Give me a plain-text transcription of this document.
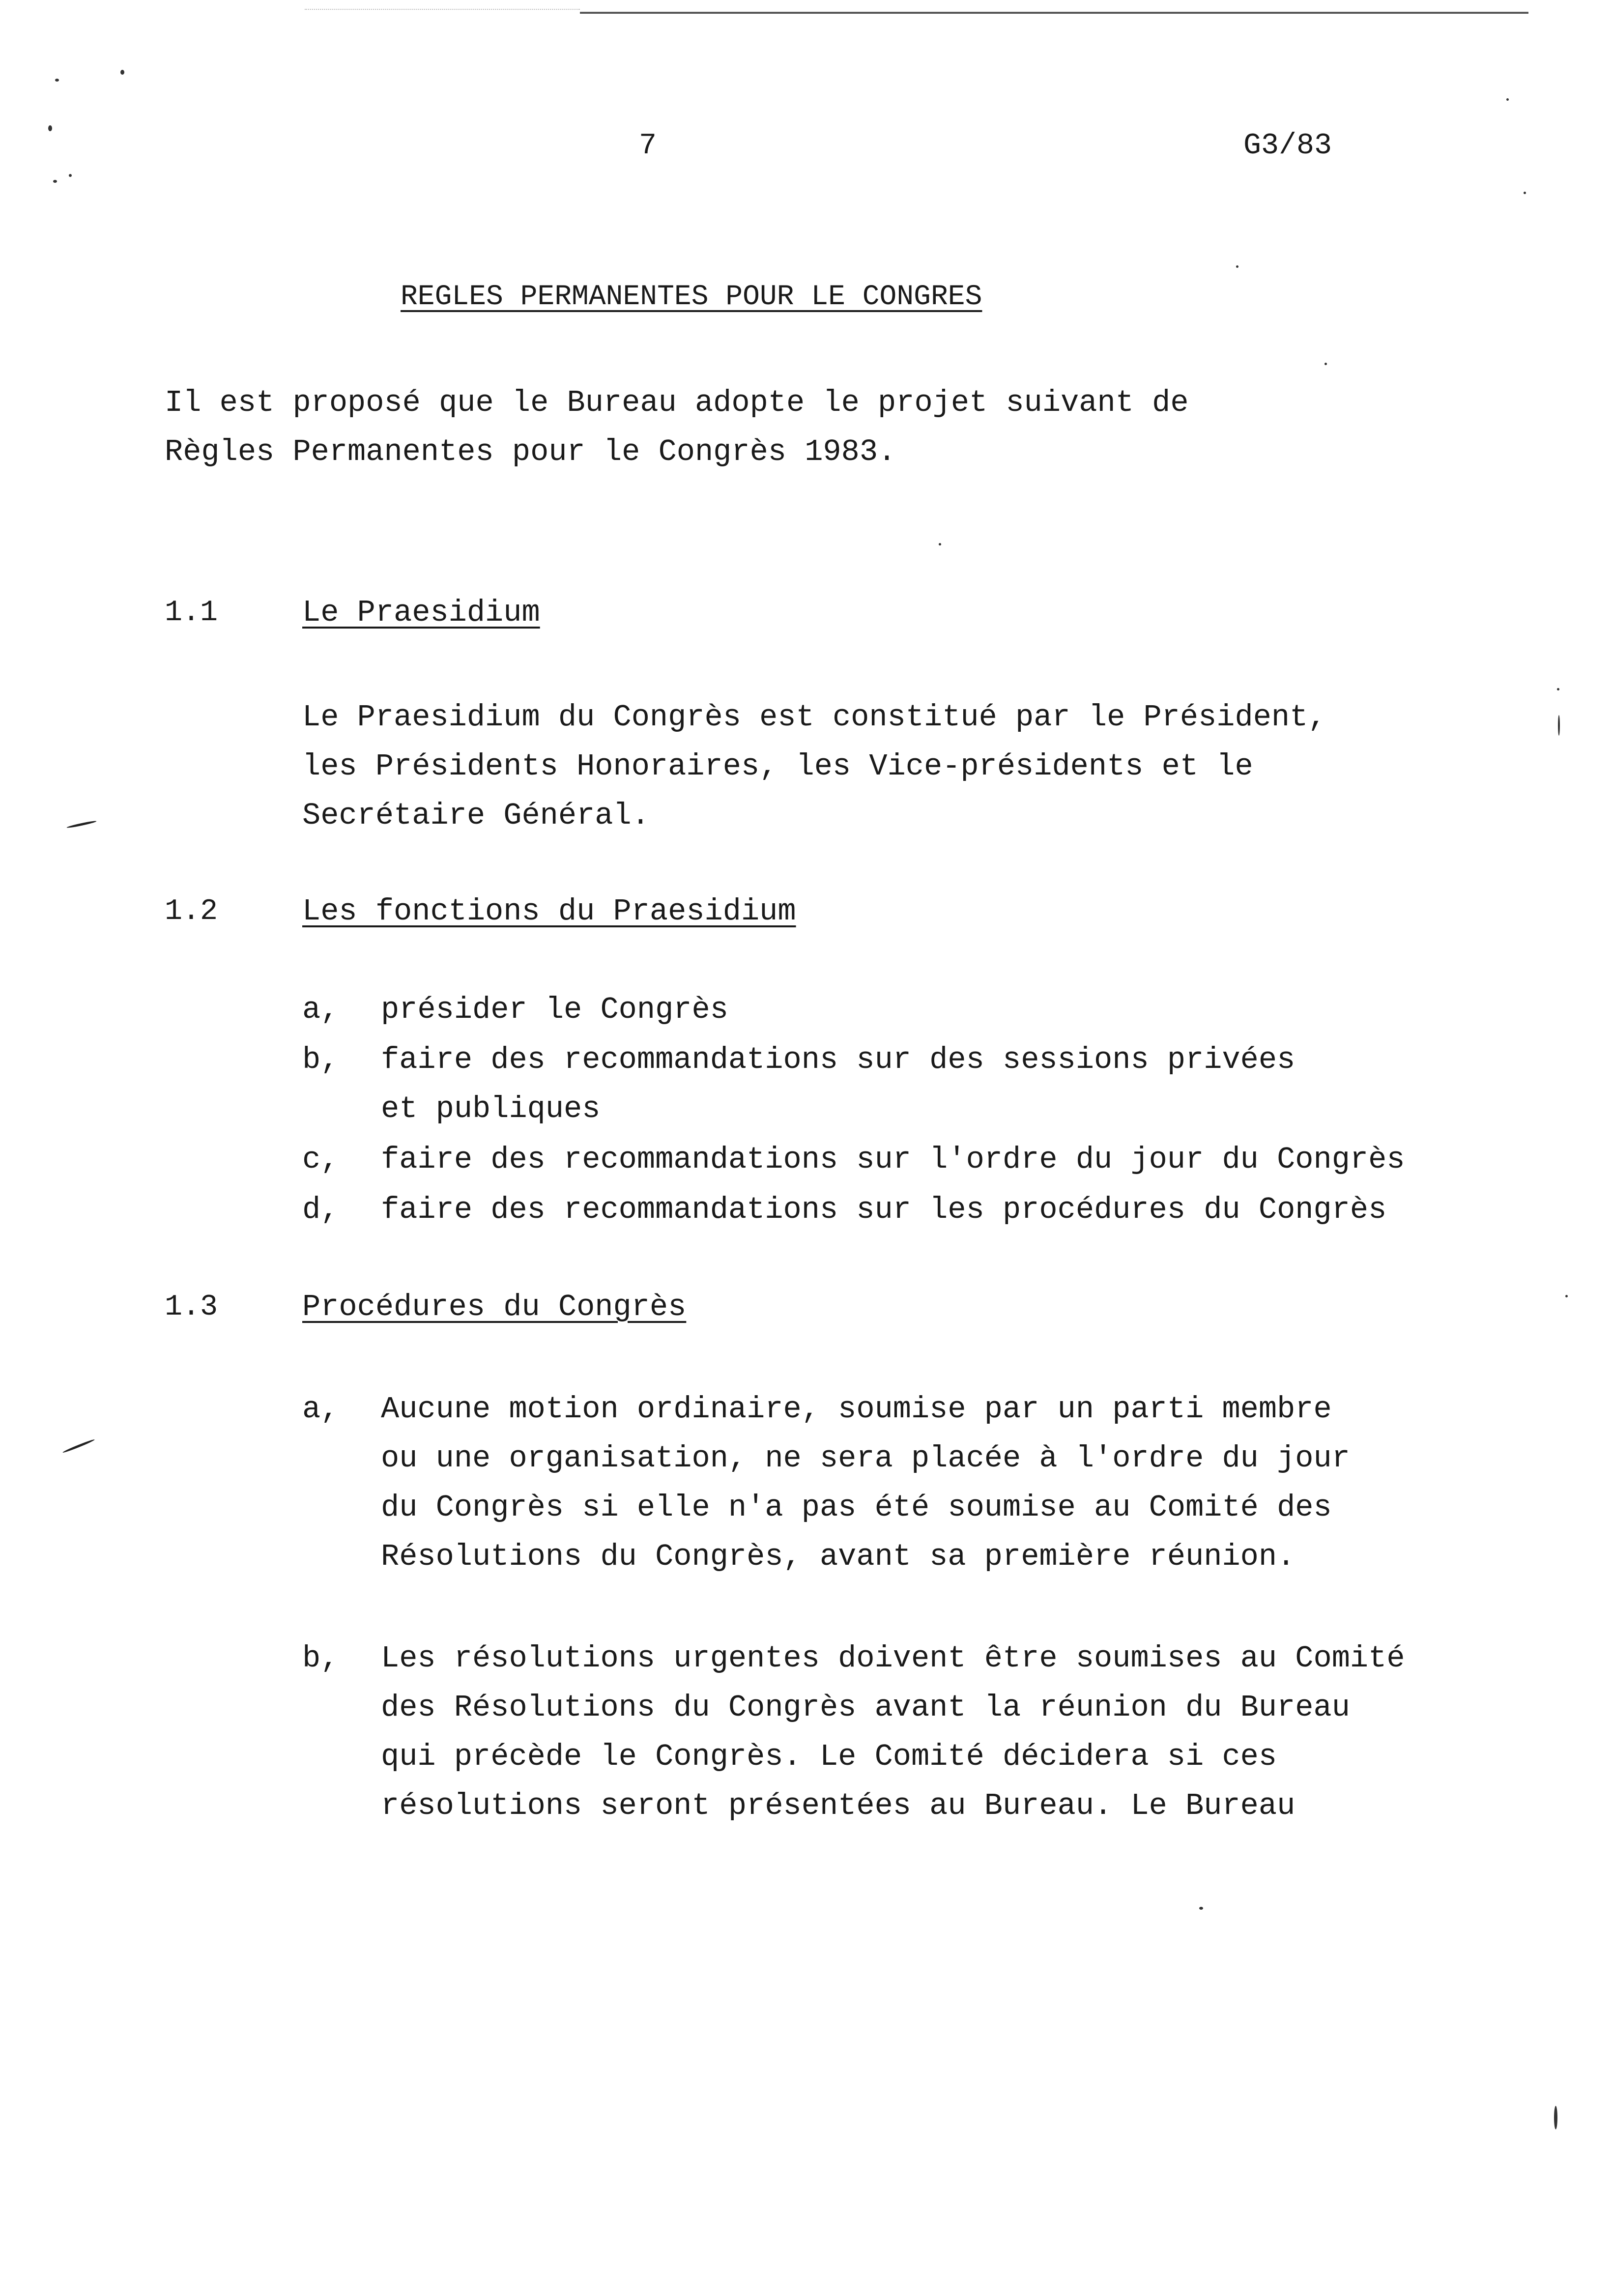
7	G3/83
REGLES PERMANENTES POUR LE CONGRES
Il est proposé que le Bureau adopte le projet suivant de
Règles Permanentes pour le Congrès 1983.
1.1	Le Praesidium
Le Praesidium du Congrès est constitué par le Président,
les Présidents Honoraires, les Vice-présidents et le
Secrétaire Général.
1.2	Les fonctions du Praesidium
a, présider le Congrès
b, faire des recommandations sur des sessions privées
et publiques
c, faire des recommandations sur l'ordre du jour du Congrès
d, faire des recommandations sur les procédures du Congrès
1.3	Procédures du Congrès
a, Aucune motion ordinaire, soumise par un parti membre
ou une organisation, ne sera placée à l'ordre du jour
du Congrès si elle n'a pas été soumise au Comité des
Résolutions du Congrès, avant sa première réunion.
b, Les résolutions urgentes doivent être soumises au Comité
des Résolutions du Congrès avant la réunion du Bureau
qui précède le Congrès. Le Comité décidera si ces
résolutions seront présentées au Bureau. Le Bureau
